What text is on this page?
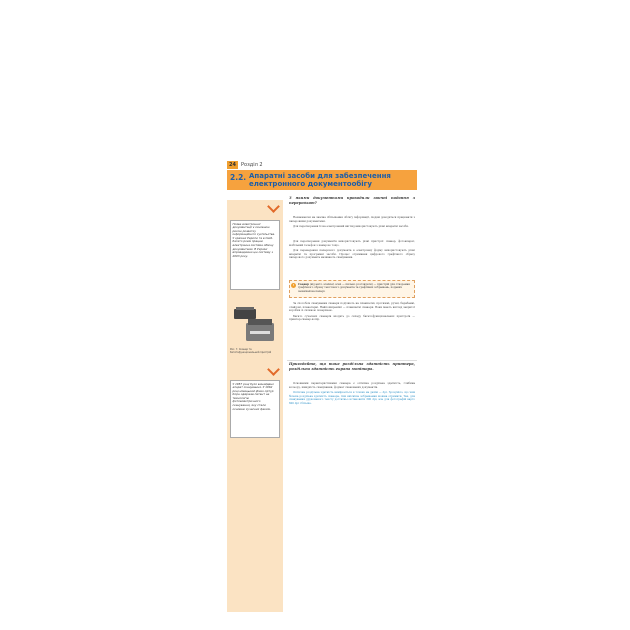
24	Розділ 2
2.2. Апаратні засоби для забезпечення електронного документообігу
З якими документами проводили звичні подання з переробкою?
Поява електронної документації є основною рисою розвитку інформаційного суспільства. У країнах Європи та в США багато років працює електронна система обміну документами. В Україні впроваджено цю систему з 2003 року.

Незважаючи на значне збільшення обсягу інформації, людям доводиться працювати з паперовими документами.

Для перетворення їх на електронний вигляд використовують різні апаратні засоби.

Для перетворення документів використовують різні пристрої: сканер, фотоапарат, мобільний телефон з камерою тощо.

Для переведення паперового документа в електронну форму використовують різні апаратні та програмні засоби. Процес отримання цифрового графічного образу паперового документа називають сканування.

!	Сканер (від англ. scanner, scan — пильно розглядати) — пристрій для створення графічного образу текстового документа та графічних зображень, поданих зазвичай на папері.
Рис. 7. Сканер та багатофункціональний пристрій

За способом сканування сканери поділяють на планшетні, протяжні, ручні, барабанні, слайдові, планетарні. Найпоширеніші — планшетні сканери. Вони мають вигляд закритої коробки зі скляною поверхнею.

Багато сучасних сканерів входять до складу багатофункціональних пристроїв — принтер-сканер-копір.

Пригадайте, що таке роздільна здатність принтера, роздільна здатність екрана монітора.
У 1957 році було винайдено апарат сканування. У 1962 році німецький фізик Артур Корн одержав патент на технологію фотоелектричного сканування, яку стали основою сучасних факсів.

Основними характеристиками сканера є оптична роздільна здатність, глибина кольору, швидкість сканування, формат сканованих документів.

Оптична роздільна здатність вимірюється в точках на дюйм — dpi. Зрозуміло, що чим більша роздільна здатність сканера, тим якісніше зображення можна отримати. Так, для сканування друкованого тексту достатньо встановити 300 dpi, але для фотографій варто 600 dpi і більше.
